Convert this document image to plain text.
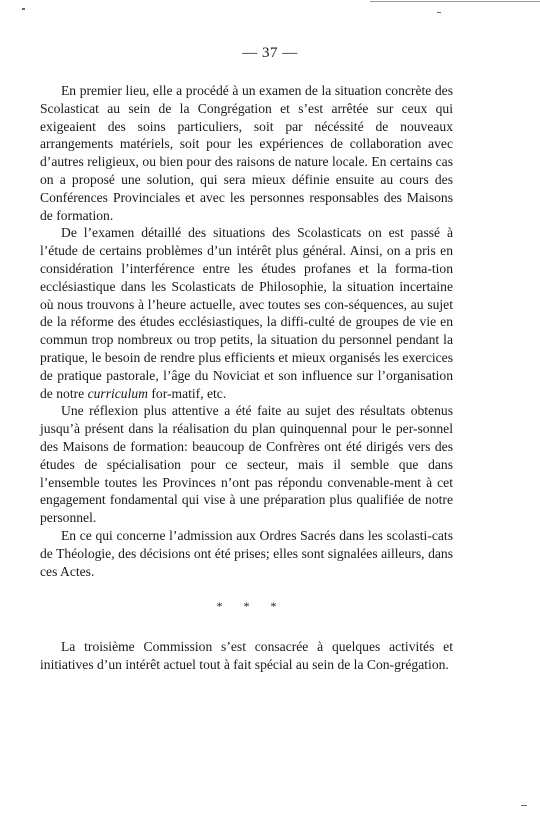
— 37 —

En premier lieu, elle a procédé à un examen de la situation concrète des Scolasticat au sein de la Congrégation et s’est arrêtée sur ceux qui exigeaient des soins particuliers, soit par nécéssité de nouveaux arrangements matériels, soit pour les expériences de collaboration avec d’autres religieux, ou bien pour des raisons de nature locale. En certains cas on a proposé une solution, qui sera mieux définie ensuite au cours des Conférences Provinciales et avec les personnes responsables des Maisons de formation.

De l’examen détaillé des situations des Scolasticats on est passé à l’étude de certains problèmes d’un intérêt plus général. Ainsi, on a pris en considération l’interférence entre les études profanes et la forma-tion ecclésiastique dans les Scolasticats de Philosophie, la situation incertaine où nous trouvons à l’heure actuelle, avec toutes ses con-séquences, au sujet de la réforme des études ecclésiastiques, la diffi-culté de groupes de vie en commun trop nombreux ou trop petits, la situation du personnel pendant la pratique, le besoin de rendre plus efficients et mieux organisés les exercices de pratique pastorale, l’âge du Noviciat et son influence sur l’organisation de notre curriculum for-matif, etc.

Une réflexion plus attentive a été faite au sujet des résultats obtenus jusqu’à présent dans la réalisation du plan quinquennal pour le per-sonnel des Maisons de formation: beaucoup de Confrères ont été dirigés vers des études de spécialisation pour ce secteur, mais il semble que dans l’ensemble toutes les Provinces n’ont pas répondu convenable-ment à cet engagement fondamental qui vise à une préparation plus qualifiée de notre personnel.

En ce qui concerne l’admission aux Ordres Sacrés dans les scolasti-cats de Théologie, des décisions ont été prises; elles sont signalées ailleurs, dans ces Actes.

* * *

La troisième Commission s’est consacrée à quelques activités et initiatives d’un intérêt actuel tout à fait spécial au sein de la Con-grégation.
